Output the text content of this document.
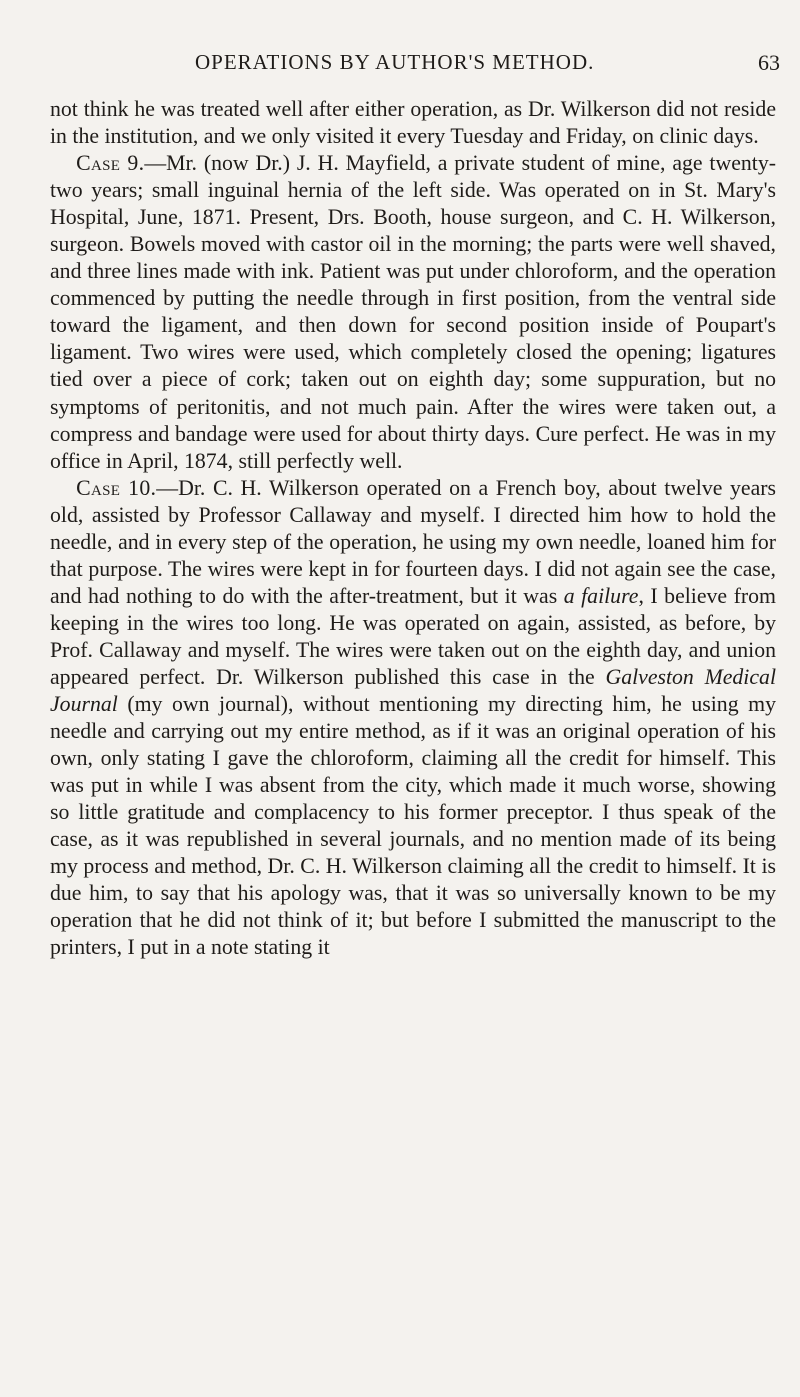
OPERATIONS BY AUTHOR'S METHOD.	63

not think he was treated well after either operation, as Dr. Wilkerson did not reside in the institution, and we only visited it every Tuesday and Friday, on clinic days.

Case 9.—Mr. (now Dr.) J. H. Mayfield, a private student of mine, age twenty-two years; small inguinal hernia of the left side. Was operated on in St. Mary's Hospital, June, 1871. Present, Drs. Booth, house surgeon, and C. H. Wilkerson, surgeon. Bowels moved with castor oil in the morning; the parts were well shaved, and three lines made with ink. Patient was put under chloroform, and the operation commenced by putting the needle through in first position, from the ventral side toward the ligament, and then down for second position inside of Poupart's ligament. Two wires were used, which completely closed the opening; ligatures tied over a piece of cork; taken out on eighth day; some suppuration, but no symptoms of peritonitis, and not much pain. After the wires were taken out, a compress and bandage were used for about thirty days. Cure perfect. He was in my office in April, 1874, still perfectly well.

Case 10.—Dr. C. H. Wilkerson operated on a French boy, about twelve years old, assisted by Professor Callaway and myself. I directed him how to hold the needle, and in every step of the operation, he using my own needle, loaned him for that purpose. The wires were kept in for fourteen days. I did not again see the case, and had nothing to do with the after-treatment, but it was a failure, I believe from keeping in the wires too long. He was operated on again, assisted, as before, by Prof. Callaway and myself. The wires were taken out on the eighth day, and union appeared perfect. Dr. Wilkerson published this case in the Galveston Medical Journal (my own journal), without mentioning my directing him, he using my needle and carrying out my entire method, as if it was an original operation of his own, only stating I gave the chloroform, claiming all the credit for himself. This was put in while I was absent from the city, which made it much worse, showing so little gratitude and complacency to his former preceptor. I thus speak of the case, as it was republished in several journals, and no mention made of its being my process and method, Dr. C. H. Wilkerson claiming all the credit to himself. It is due him, to say that his apology was, that it was so universally known to be my operation that he did not think of it; but before I submitted the manuscript to the printers, I put in a note stating it
